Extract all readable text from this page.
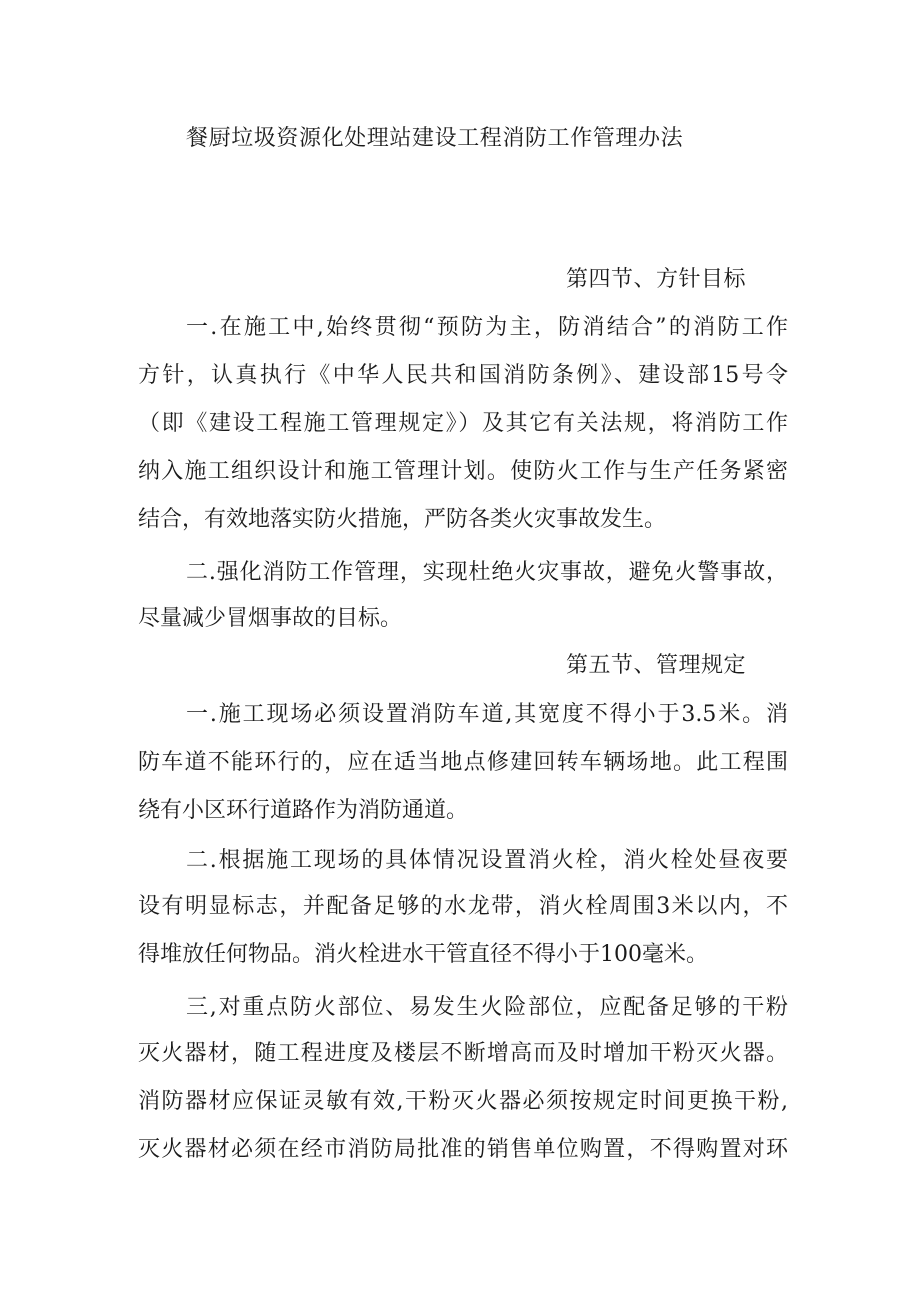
餐厨垃圾资源化处理站建设工程消防工作管理办法
第四节、方针目标

一.在施工中,始终贯彻“预防为主，防消结合”的消防工作

方针，认真执行《中华人民共和国消防条例》、建设部15号令

（即《建设工程施工管理规定》）及其它有关法规，将消防工作

纳入施工组织设计和施工管理计划。使防火工作与生产任务紧密

结合，有效地落实防火措施，严防各类火灾事故发生。

二.强化消防工作管理，实现杜绝火灾事故，避免火警事故，

尽量减少冒烟事故的目标。

第五节、管理规定

一.施工现场必须设置消防车道,其宽度不得小于3.5米。消

防车道不能环行的，应在适当地点修建回转车辆场地。此工程围

绕有小区环行道路作为消防通道。

二.根据施工现场的具体情况设置消火栓，消火栓处昼夜要

设有明显标志，并配备足够的水龙带，消火栓周围3米以内，不

得堆放任何物品。消火栓进水干管直径不得小于100毫米。

三,对重点防火部位、易发生火险部位，应配备足够的干粉

灭火器材，随工程进度及楼层不断增高而及时增加干粉灭火器。

消防器材应保证灵敏有效,干粉灭火器必须按规定时间更换干粉,

灭火器材必须在经市消防局批准的销售单位购置，不得购置对环
